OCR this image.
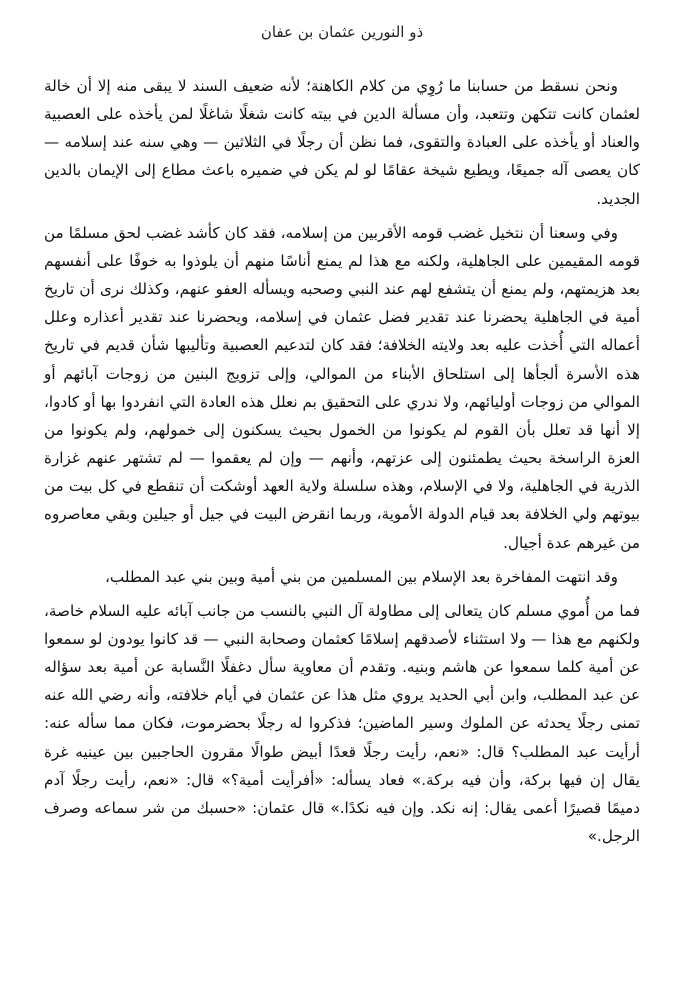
ذو النورين عثمان بن عفان

ونحن نسقط من حسابنا ما رُوِي من كلام الكاهنة؛ لأنه ضعيف السند لا يبقى منه إلا أن خالة لعثمان كانت تتكهن وتتعبد، وأن مسألة الدين في بيته كانت شغلًا شاغلًا لمن يأخذه على العصبية والعناد أو يأخذه على العبادة والتقوى، فما نظن أن رجلًا في الثلاثين — وهي سنه عند إسلامه — كان يعصى آله جميعًا، ويطيع شيخة عقامًا لو لم يكن في ضميره باعث مطاع إلى الإيمان بالدين الجديد.

وفي وسعنا أن نتخيل غضب قومه الأقربين من إسلامه، فقد كان كأشد غضب لحق مسلمًا من قومه المقيمين على الجاهلية، ولكنه مع هذا لم يمنع أناسًا منهم أن يلوذوا به خوفًا على أنفسهم بعد هزيمتهم، ولم يمنع أن يتشفع لهم عند النبي وصحبه ويسأله العفو عنهم، وكذلك نرى أن تاريخ أمية في الجاهلية يحضرنا عند تقدير فضل عثمان في إسلامه، ويحضرنا عند تقدير أعذاره وعلل أعماله التي أُخذت عليه بعد ولايته الخلافة؛ فقد كان لتدعيم العصبية وتأليبها شأن قديم في تاريخ هذه الأسرة ألجأها إلى استلحاق الأبناء من الموالي، وإلى تزويج البنين من زوجات آبائهم أو الموالي من زوجات أوليائهم، ولا ندري على التحقيق بم نعلل هذه العادة التي انفردوا بها أو كادوا، إلا أنها قد تعلل بأن القوم لم يكونوا من الخمول بحيث يسكنون إلى خمولهم، ولم يكونوا من العزة الراسخة بحيث يطمئنون إلى عزتهم، وأنهم — وإن لم يعقموا — لم تشتهر عنهم غزارة الذرية في الجاهلية، ولا في الإسلام، وهذه سلسلة ولاية العهد أوشكت أن تنقطع في كل بيت من بيوتهم ولي الخلافة بعد قيام الدولة الأموية، وربما انقرض البيت في جيل أو جيلين وبقي معاصروه من غيرهم عدة أجيال.

وقد انتهت المفاخرة بعد الإسلام بين المسلمين من بني أمية وبين بني عبد المطلب،

فما من أُموي مسلم كان يتعالى إلى مطاولة آل النبي بالنسب من جانب آبائه عليه السلام خاصة، ولكنهم مع هذا — ولا استثناء لأصدقهم إسلامًا كعثمان وصحابة النبي — قد كانوا يودون لو سمعوا عن أمية كلما سمعوا عن هاشم وبنيه. وتقدم أن معاوية سأل دغفلًا النَّسابة عن أمية بعد سؤاله عن عبد المطلب، وابن أبي الحديد يروي مثل هذا عن عثمان في أيام خلافته، وأنه رضي الله عنه تمنى رجلًا يحدثه عن الملوك وسير الماضين؛ فذكروا له رجلًا بحضرموت، فكان مما سأله عنه: أرأيت عبد المطلب؟ قال: «نعم، رأيت رجلًا قعدًا أبيض طوالًا مقرون الحاجبين بين عينيه غرة يقال إن فيها بركة، وأن فيه بركة.» فعاد يسأله: «أفرأيت أمية؟» قال: «نعم، رأيت رجلًا آدم دميمًا قصيرًا أعمى يقال: إنه نكد. وإن فيه نكدًا.» قال عثمان: «حسبك من شر سماعه وصرف الرجل.»
